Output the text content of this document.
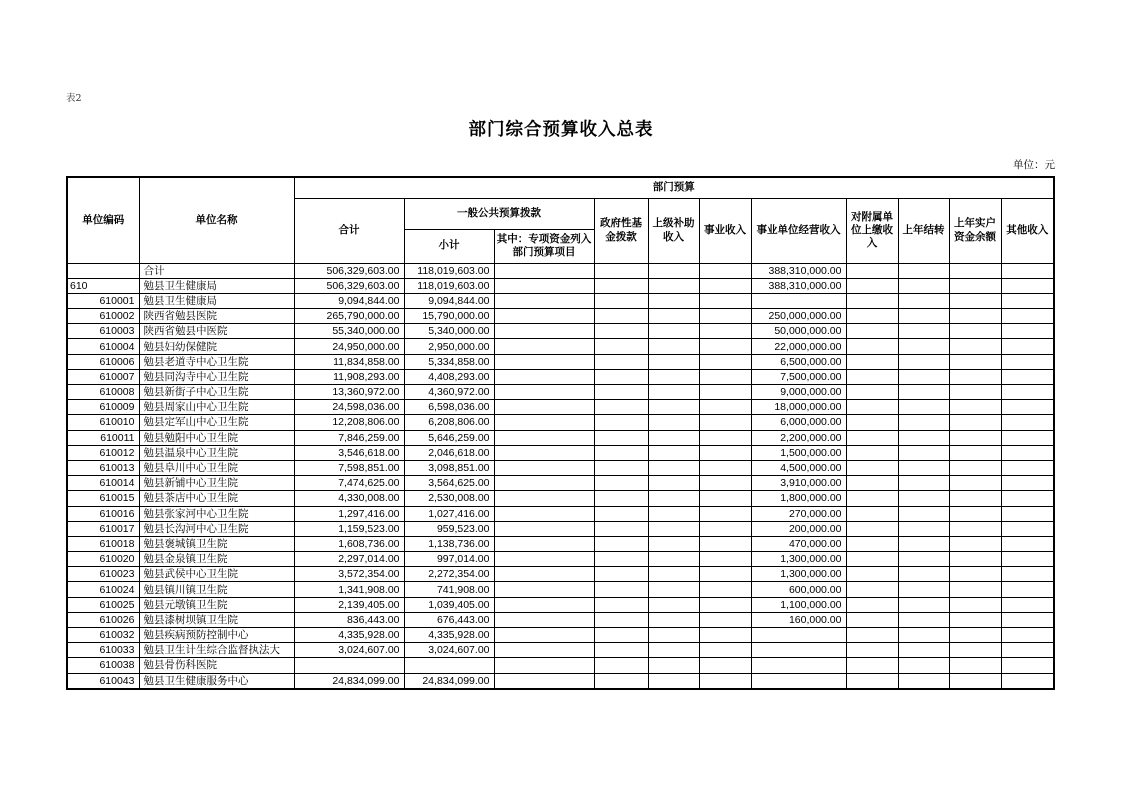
表2
部门综合预算收入总表
单位：元
单位编码	单位名称	部门预算										
		合计	一般公共预算拨款		政府性基金拨款	上级补助收入	事业收入	事业单位经营收入	对附属单位上缴收入	上年结转	上年实户资金余额	其他收入
			小计	其中：专项资金列入部门预算项目								
	合计	506,329,603.00	118,019,603.00					388,310,000.00				
610	勉县卫生健康局	506,329,603.00	118,019,603.00					388,310,000.00				
610001	勉县卫生健康局	9,094,844.00	9,094,844.00									
610002	陕西省勉县医院	265,790,000.00	15,790,000.00					250,000,000.00				
610003	陕西省勉县中医院	55,340,000.00	5,340,000.00					50,000,000.00				
610004	勉县妇幼保健院	24,950,000.00	2,950,000.00					22,000,000.00				
610006	勉县老道寺中心卫生院	11,834,858.00	5,334,858.00					6,500,000.00				
610007	勉县同沟寺中心卫生院	11,908,293.00	4,408,293.00					7,500,000.00				
610008	勉县新街子中心卫生院	13,360,972.00	4,360,972.00					9,000,000.00				
610009	勉县周家山中心卫生院	24,598,036.00	6,598,036.00					18,000,000.00				
610010	勉县定军山中心卫生院	12,208,806.00	6,208,806.00					6,000,000.00				
610011	勉县勉阳中心卫生院	7,846,259.00	5,646,259.00					2,200,000.00				
610012	勉县温泉中心卫生院	3,546,618.00	2,046,618.00					1,500,000.00				
610013	勉县阜川中心卫生院	7,598,851.00	3,098,851.00					4,500,000.00				
610014	勉县新铺中心卫生院	7,474,625.00	3,564,625.00					3,910,000.00				
610015	勉县茶店中心卫生院	4,330,008.00	2,530,008.00					1,800,000.00				
610016	勉县张家河中心卫生院	1,297,416.00	1,027,416.00					270,000.00				
610017	勉县长沟河中心卫生院	1,159,523.00	959,523.00					200,000.00				
610018	勉县褒城镇卫生院	1,608,736.00	1,138,736.00					470,000.00				
610020	勉县金泉镇卫生院	2,297,014.00	997,014.00					1,300,000.00				
610023	勉县武侯中心卫生院	3,572,354.00	2,272,354.00					1,300,000.00				
610024	勉县镇川镇卫生院	1,341,908.00	741,908.00					600,000.00				
610025	勉县元墩镇卫生院	2,139,405.00	1,039,405.00					1,100,000.00				
610026	勉县漆树坝镇卫生院	836,443.00	676,443.00					160,000.00				
610032	勉县疾病预防控制中心	4,335,928.00	4,335,928.00									
610033	勉县卫生计生综合监督执法大	3,024,607.00	3,024,607.00									
610038	勉县骨伤科医院											
610043	勉县卫生健康服务中心	24,834,099.00	24,834,099.00									
